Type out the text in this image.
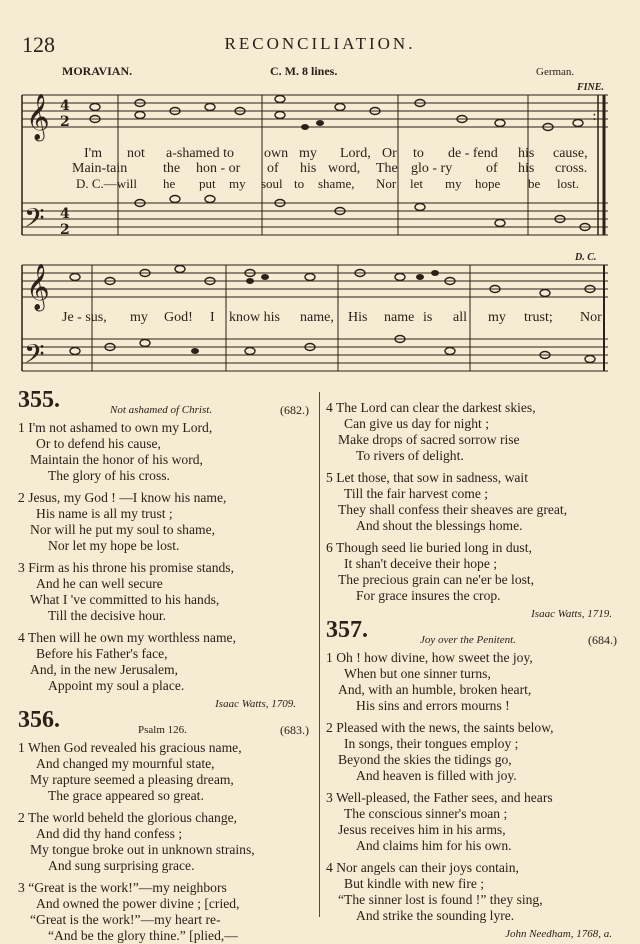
128	RECONCILIATION.
MORAVIAN.	C. M. 8 lines.	German.
FINE.
D. C.
𝄞
𝄢
4
2
4
2
𝄞
𝄢
:
I'm not a-shamed to own my Lord, Or to de - fend his cause,
Main-tain	the hon - or of his word, The glo - ry of his cross.
D. C.—will he put my soul to shame, Nor let my hope be lost.
Je - sus, my God! I know his name, His name is all my trust; Nor
355.	Not ashamed of Christ.	(682.)
1 I'm not ashamed to own my Lord,
Or to defend his cause,
Maintain the honor of his word,
The glory of his cross.
2 Jesus, my God ! —I know his name,
His name is all my trust ;
Nor will he put my soul to shame,
Nor let my hope be lost.
3 Firm as his throne his promise stands,
And he can well secure
What I 've committed to his hands,
Till the decisive hour.
4 Then will he own my worthless name,
Before his Father's face,
And, in the new Jerusalem,
Appoint my soul a place.
Isaac Watts, 1709.
356.	Psalm 126.	(683.)
1 When God revealed his gracious name,
And changed my mournful state,
My rapture seemed a pleasing dream,
The grace appeared so great.
2 The world beheld the glorious change,
And did thy hand confess ;
My tongue broke out in unknown strains,
And sung surprising grace.
3 “Great is the work!”—my neighbors
And owned the power divine ; [cried,
“Great is the work!”—my heart re-
“And be the glory thine.” [plied,—
4 The Lord can clear the darkest skies,
Can give us day for night ;
Make drops of sacred sorrow rise
To rivers of delight.
5 Let those, that sow in sadness, wait
Till the fair harvest come ;
They shall confess their sheaves are great,
And shout the blessings home.
6 Though seed lie buried long in dust,
It shan't deceive their hope ;
The precious grain can ne'er be lost,
For grace insures the crop.
Isaac Watts, 1719.
357.	Joy over the Penitent.	(684.)
1 Oh ! how divine, how sweet the joy,
When but one sinner turns,
And, with an humble, broken heart,
His sins and errors mourns !
2 Pleased with the news, the saints below,
In songs, their tongues employ ;
Beyond the skies the tidings go,
And heaven is filled with joy.
3 Well-pleased, the Father sees, and hears
The conscious sinner's moan ;
Jesus receives him in his arms,
And claims him for his own.
4 Nor angels can their joys contain,
But kindle with new fire ;
“The sinner lost is found !” they sing,
And strike the sounding lyre.
John Needham, 1768, a.
